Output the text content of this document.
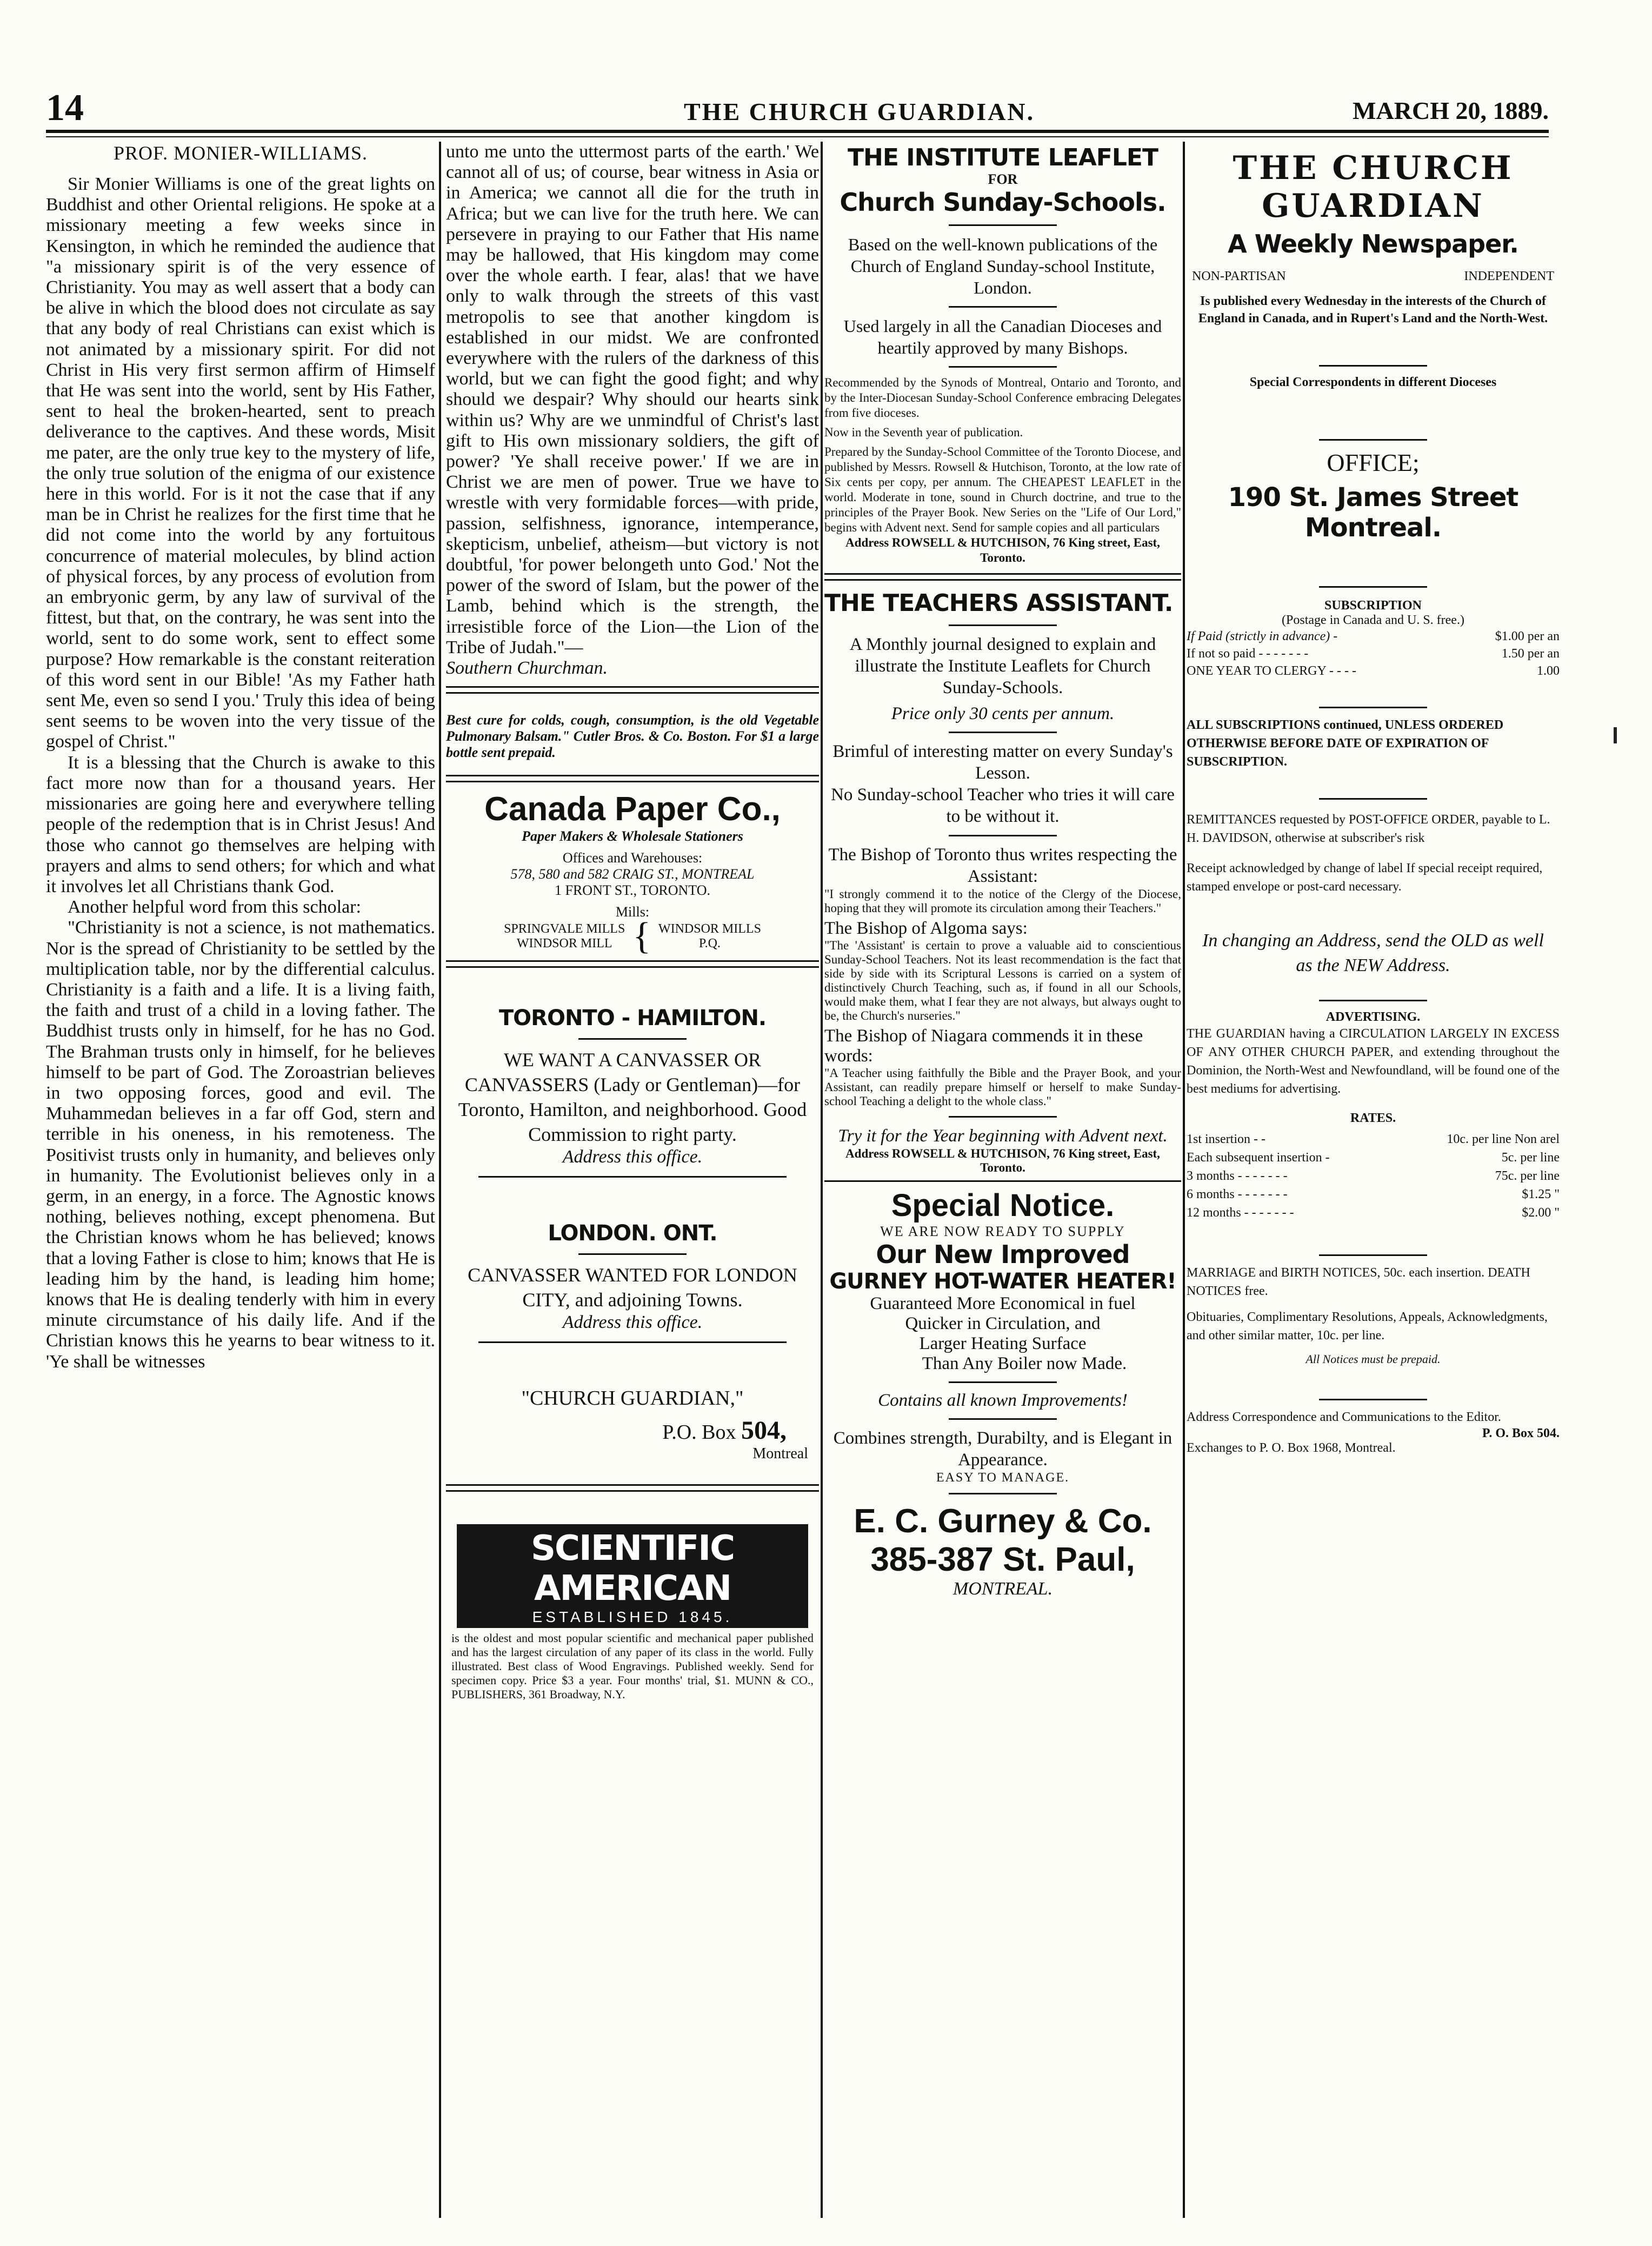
14	THE CHURCH GUARDIAN.	MARCH 20, 1889.

PROF. MONIER-WILLIAMS.

Sir Monier Williams is one of the great lights on Buddhist and other Oriental religions. He spoke at a missionary meeting a few weeks since in Kensington, in which he reminded the audience that "a missionary spirit is of the very essence of Christianity. You may as well assert that a body can be alive in which the blood does not circulate as say that any body of real Christians can exist which is not animated by a missionary spirit. For did not Christ in His very first sermon affirm of Himself that He was sent into the world, sent by His Father, sent to heal the broken-hearted, sent to preach deliverance to the captives. And these words, Misit me pater, are the only true key to the mystery of life, the only true solution of the enigma of our existence here in this world. For is it not the case that if any man be in Christ he realizes for the first time that he did not come into the world by any fortuitous concurrence of material molecules, by blind action of physical forces, by any process of evolution from an embryonic germ, by any law of survival of the fittest, but that, on the contrary, he was sent into the world, sent to do some work, sent to effect some purpose? How remarkable is the constant reiteration of this word sent in our Bible! 'As my Father hath sent Me, even so send I you.' Truly this idea of being sent seems to be woven into the very tissue of the gospel of Christ."

It is a blessing that the Church is awake to this fact more now than for a thousand years. Her missionaries are going here and everywhere telling people of the redemption that is in Christ Jesus! And those who cannot go themselves are helping with prayers and alms to send others; for which and what it involves let all Christians thank God.

Another helpful word from this scholar:

"Christianity is not a science, is not mathematics. Nor is the spread of Christianity to be settled by the multiplication table, nor by the differential calculus. Christianity is a faith and a life. It is a living faith, the faith and trust of a child in a loving father. The Buddhist trusts only in himself, for he has no God. The Brahman trusts only in himself, for he believes himself to be part of God. The Zoroastrian believes in two opposing forces, good and evil. The Muhammedan believes in a far off God, stern and terrible in his oneness, in his remoteness. The Positivist trusts only in humanity, and believes only in humanity. The Evolutionist believes only in a germ, in an energy, in a force. The Agnostic knows nothing, believes nothing, except phenomena. But the Christian knows whom he has believed; knows that a loving Father is close to him; knows that He is leading him by the hand, is leading him home; knows that He is dealing tenderly with him in every minute circumstance of his daily life. And if the Christian knows this he yearns to bear witness to it. 'Ye shall be witnesses

unto me unto the uttermost parts of the earth.' We cannot all of us; of course, bear witness in Asia or in America; we cannot all die for the truth in Africa; but we can live for the truth here. We can persevere in praying to our Father that His name may be hallowed, that His kingdom may come over the whole earth. I fear, alas! that we have only to walk through the streets of this vast metropolis to see that another kingdom is established in our midst. We are confronted everywhere with the rulers of the darkness of this world, but we can fight the good fight; and why should we despair? Why should our hearts sink within us? Why are we unmindful of Christ's last gift to His own missionary soldiers, the gift of power? 'Ye shall receive power.' If we are in Christ we are men of power. True we have to wrestle with very formidable forces—with pride, passion, selfishness, ignorance, intemperance, skepticism, unbelief, atheism—but victory is not doubtful, 'for power belongeth unto God.' Not the power of the sword of Islam, but the power of the Lamb, behind which is the strength, the irresistible force of the Lion—the Lion of the Tribe of Judah."—

Southern Churchman.

Best cure for colds, cough, consumption, is the old Vegetable Pulmonary Balsam." Cutler Bros. & Co. Boston. For $1 a large bottle sent prepaid.

Canada Paper Co.,

Paper Makers & Wholesale Stationers

Offices and Warehouses:

578, 580 and 582 CRAIG ST., MONTREAL

1 FRONT ST., TORONTO.

Mills:

SPRINGVALE MILLS
WINDSOR MILL { WINDSOR MILLS
P.Q.

TORONTO - HAMILTON.

WE WANT A CANVASSER OR CANVASSERS (Lady or Gentleman)—for Toronto, Hamilton, and neighborhood. Good Commission to right party.

Address this office.

LONDON. ONT.

CANVASSER WANTED FOR LONDON CITY, and adjoining Towns.

Address this office.

"CHURCH GUARDIAN,"

P.O. Box 504,

Montreal

SCIENTIFIC AMERICAN
ESTABLISHED 1845.

is the oldest and most popular scientific and mechanical paper published and has the largest circulation of any paper of its class in the world. Fully illustrated. Best class of Wood Engravings. Published weekly. Send for specimen copy. Price $3 a year. Four months' trial, $1. MUNN & CO., PUBLISHERS, 361 Broadway, N.Y.

THE INSTITUTE LEAFLET

FOR

Church Sunday-Schools.

Based on the well-known publications of the Church of England Sunday-school Institute, London.

Used largely in all the Canadian Dioceses and heartily approved by many Bishops.

Recommended by the Synods of Montreal, Ontario and Toronto, and by the Inter-Diocesan Sunday-School Conference embracing Delegates from five dioceses.

Now in the Seventh year of publication.

Prepared by the Sunday-School Committee of the Toronto Diocese, and published by Messrs. Rowsell & Hutchison, Toronto, at the low rate of Six cents per copy, per annum. The CHEAPEST LEAFLET in the world. Moderate in tone, sound in Church doctrine, and true to the principles of the Prayer Book. New Series on the "Life of Our Lord," begins with Advent next. Send for sample copies and all particulars

Address ROWSELL & HUTCHISON, 76 King street, East, Toronto.

THE TEACHERS ASSISTANT.

A Monthly journal designed to explain and illustrate the Institute Leaflets for Church Sunday-Schools.

Price only 30 cents per annum.

Brimful of interesting matter on every Sunday's Lesson.

No Sunday-school Teacher who tries it will care to be without it.

The Bishop of Toronto thus writes respecting the Assistant:

"I strongly commend it to the notice of the Clergy of the Diocese, hoping that they will promote its circulation among their Teachers."

The Bishop of Algoma says:

"The 'Assistant' is certain to prove a valuable aid to conscientious Sunday-School Teachers. Not its least recommendation is the fact that side by side with its Scriptural Lessons is carried on a system of distinctively Church Teaching, such as, if found in all our Schools, would make them, what I fear they are not always, but always ought to be, the Church's nurseries."

The Bishop of Niagara commends it in these words:

"A Teacher using faithfully the Bible and the Prayer Book, and your Assistant, can readily prepare himself or herself to make Sunday-school Teaching a delight to the whole class."

Try it for the Year beginning with Advent next.

Address ROWSELL & HUTCHISON, 76 King street, East, Toronto.

Special Notice.

WE ARE NOW READY TO SUPPLY

Our New Improved

GURNEY HOT-WATER HEATER!

Guaranteed More Economical in fuel

Quicker in Circulation, and

Larger Heating Surface

Than Any Boiler now Made.

Contains all known Improvements!

Combines strength, Durabilty, and is Elegant in Appearance.

EASY TO MANAGE.

E. C. Gurney & Co.

385-387 St. Paul,

MONTREAL.

THE CHURCH GUARDIAN

A Weekly Newspaper.

NON-PARTISAN	INDEPENDENT

Is published every Wednesday in the interests of the Church of England in Canada, and in Rupert's Land and the North-West.

Special Correspondents in different Dioceses

OFFICE;

190 St. James Street Montreal.

SUBSCRIPTION

(Postage in Canada and U. S. free.)

If Paid (strictly in advance) -	$1.00 per an
If not so paid - - - - - - -	1.50 per an
ONE YEAR TO CLERGY - - - -	1.00

ALL SUBSCRIPTIONS continued, UNLESS ORDERED OTHERWISE BEFORE DATE OF EXPIRATION OF SUBSCRIPTION.

REMITTANCES requested by POST-OFFICE ORDER, payable to L. H. DAVIDSON, otherwise at subscriber's risk

Receipt acknowledged by change of label If special receipt required, stamped envelope or post-card necessary.

In changing an Address, send the OLD as well as the NEW Address.

ADVERTISING.

THE GUARDIAN having a CIRCULATION LARGELY IN EXCESS OF ANY OTHER CHURCH PAPER, and extending throughout the Dominion, the North-West and Newfoundland, will be found one of the best mediums for advertising.

RATES.

1st insertion - -	10c. per line Non arel
Each subsequent insertion -	5c. per line
3 months - - - - - - -	75c. per line
6 months - - - - - - -	$1.25 "
12 months - - - - - - -	$2.00 "

MARRIAGE and BIRTH NOTICES, 50c. each insertion. DEATH NOTICES free.

Obituaries, Complimentary Resolutions, Appeals, Acknowledgments, and other similar matter, 10c. per line.

All Notices must be prepaid.

Address Correspondence and Communications to the Editor.

P. O. Box 504.

Exchanges to P. O. Box 1968, Montreal.
